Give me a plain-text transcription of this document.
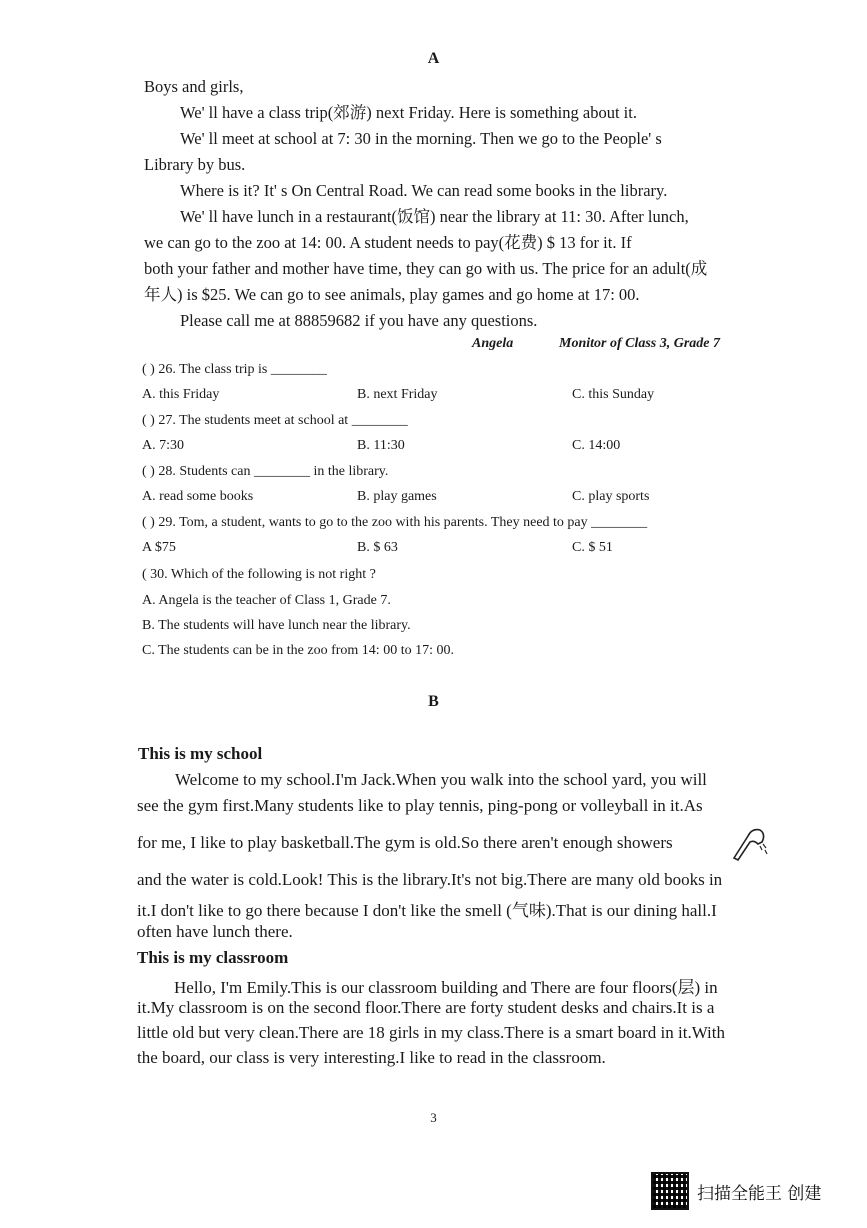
A
Boys and girls,
We' ll have a class trip(郊游) next Friday. Here is something about it.
We' ll meet at school at 7: 30 in the morning. Then we go to the People' s
Library by bus.
Where is it? It' s On Central Road. We can read some books in the library.
We' ll have lunch in a restaurant(饭馆) near the library at 11: 30. After lunch,
we can go to the zoo at 14: 00. A student needs to pay(花费) $ 13 for it. If
both your father and mother have time, they can go with us. The price for an adult(成
年人) is $25. We can go to see animals, play games and go home at 17: 00.
Please call me at 88859682 if you have any questions.
Angela	Monitor of Class 3, Grade 7
( ) 26. The class trip is ________
A. this Friday	B. next Friday	C. this Sunday
( ) 27. The students meet at school at ________
A. 7:30	B. 11:30	C. 14:00
( ) 28. Students can ________ in the library.
A. read some books	B. play games	C. play sports
( ) 29. Tom, a student, wants to go to the zoo with his parents. They need to pay ________
A $75	B. $ 63	C. $ 51
( 30. Which of the following is not right ?
A. Angela is the teacher of Class 1, Grade 7.
B. The students will have lunch near the library.
C. The students can be in the zoo from 14: 00 to 17: 00.
B
This is my school
Welcome to my school.I'm Jack.When you walk into the school yard, you will
see the gym first.Many students like to play tennis, ping-pong or volleyball in it.As
for me, I like to play basketball.The gym is old.So there aren't enough showers
and the water is cold.Look! This is the library.It's not big.There are many old books in
it.I don't like to go there because I don't like the smell (气味).That is our dining hall.I
often have lunch there.
This is my classroom
Hello, I'm Emily.This is our classroom building and There are four floors(层) in
it.My classroom is on the second floor.There are forty student desks and chairs.It is a
little old but very clean.There are 18 girls in my class.There is a smart board in it.With
the board, our class is very interesting.I like to read in the classroom.
3
扫描全能王 创建
